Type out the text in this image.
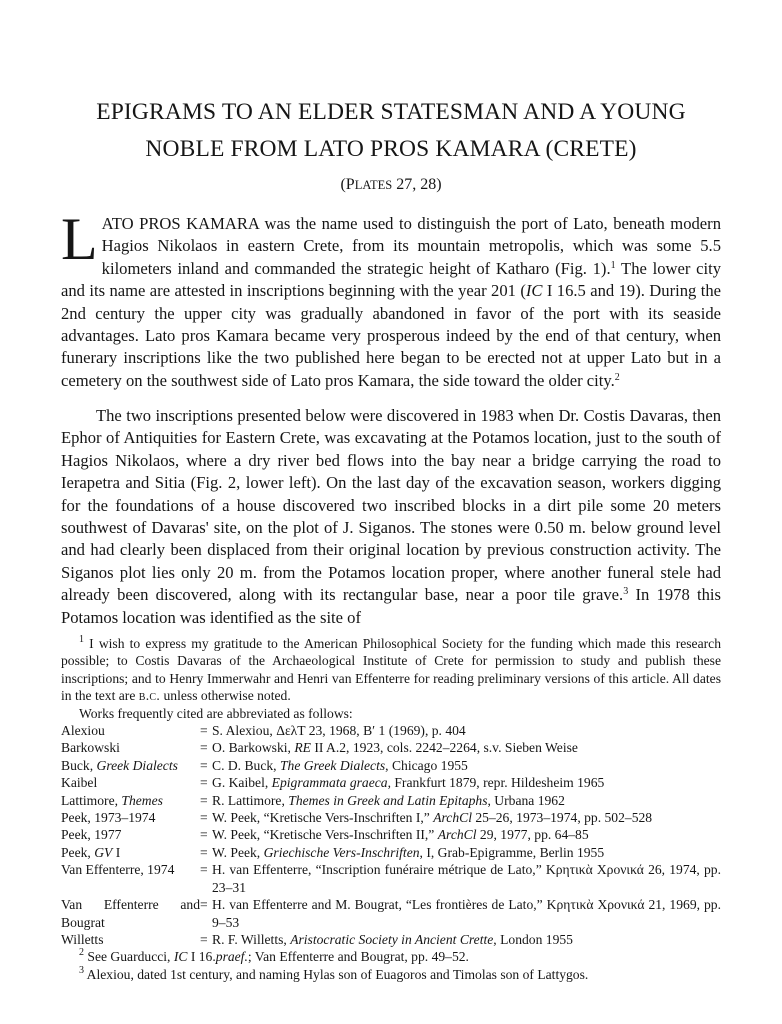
EPIGRAMS TO AN ELDER STATESMAN AND A YOUNG
NOBLE FROM LATO PROS KAMARA (CRETE)
(PLATES 27, 28)

LATO PROS KAMARA was the name used to distinguish the port of Lato, beneath modern Hagios Nikolaos in eastern Crete, from its mountain metropolis, which was some 5.5 kilometers inland and commanded the strategic height of Katharo (Fig. 1).$^1$ The lower city and its name are attested in inscriptions beginning with the year 201 (IC I 16.5 and 19). During the 2nd century the upper city was gradually abandoned in favor of the port with its seaside advantages. Lato pros Kamara became very prosperous indeed by the end of that century, when funerary inscriptions like the two published here began to be erected not at upper Lato but in a cemetery on the southwest side of Lato pros Kamara, the side toward the older city.$^2$

The two inscriptions presented below were discovered in 1983 when Dr. Costis Davaras, then Ephor of Antiquities for Eastern Crete, was excavating at the Potamos location, just to the south of Hagios Nikolaos, where a dry river bed flows into the bay near a bridge carrying the road to Ierapetra and Sitia (Fig. 2, lower left). On the last day of the excavation season, workers digging for the foundations of a house discovered two inscribed blocks in a dirt pile some 20 meters southwest of Davaras' site, on the plot of J. Siganos. The stones were 0.50 m. below ground level and had clearly been displaced from their original location by previous construction activity. The Siganos plot lies only 20 m. from the Potamos location proper, where another funeral stele had already been discovered, along with its rectangular base, near a poor tile grave.$^3$ In 1978 this Potamos location was identified as the site of

$^1$ I wish to express my gratitude to the American Philosophical Society for the funding which made this research possible; to Costis Davaras of the Archaeological Institute of Crete for permission to study and publish these inscriptions; and to Henry Immerwahr and Henri van Effenterre for reading preliminary versions of this article. All dates in the text are b.c. unless otherwise noted.

Works frequently cited are abbreviated as follows:

Alexiou	=	S. Alexiou, ΔελT 23, 1968, B′ 1 (1969), p. 404
Barkowski	=	O. Barkowski, RE II A.2, 1923, cols. 2242–2264, s.v. Sieben Weise
Buck, Greek Dialects	=	C. D. Buck, The Greek Dialects, Chicago 1955
Kaibel	=	G. Kaibel, Epigrammata graeca, Frankfurt 1879, repr. Hildesheim 1965
Lattimore, Themes	=	R. Lattimore, Themes in Greek and Latin Epitaphs, Urbana 1962
Peek, 1973–1974	=	W. Peek, “Kretische Vers-Inschriften I,” ArchCl 25–26, 1973–1974, pp. 502–528
Peek, 1977	=	W. Peek, “Kretische Vers-Inschriften II,” ArchCl 29, 1977, pp. 64–85
Peek, GV I	=	W. Peek, Griechische Vers-Inschriften, I, Grab-Epigramme, Berlin 1955
Van Effenterre, 1974	=	H. van Effenterre, “Inscription funéraire métrique de Lato,” Κρητικὰ Χρονικά 26, 1974, pp. 23–31
Van Effenterre and Bougrat	=	H. van Effenterre and M. Bougrat, “Les frontières de Lato,” Κρητικὰ Χρονικά 21, 1969, pp. 9–53
Willetts	=	R. F. Willetts, Aristocratic Society in Ancient Crette, London 1955

$^2$ See Guarducci, IC I 16.praef.; Van Effenterre and Bougrat, pp. 49–52.

$^3$ Alexiou, dated 1st century, and naming Hylas son of Euagoros and Timolas son of Lattygos.
